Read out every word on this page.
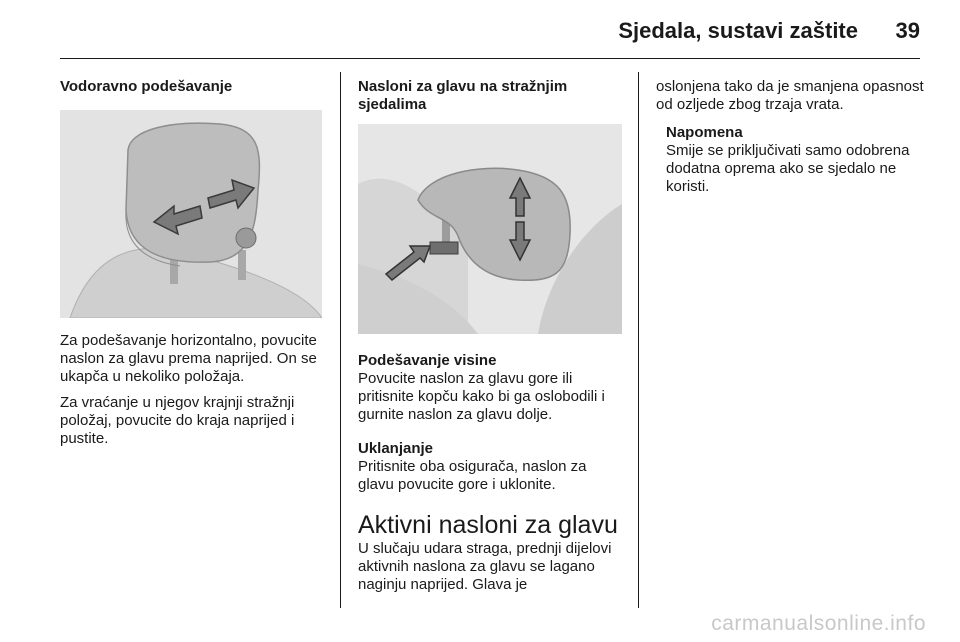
Sjedala, sustavi zaštite	39
Vodoravno podešavanje

Za podešavanje horizontalno, povucite naslon za glavu prema naprijed. On se ukapča u nekoliko položaja.

Za vraćanje u njegov krajnji stražnji položaj, povucite do kraja naprijed i pustite.

Nasloni za glavu na stražnjim sjedalima
Podešavanje visine

Povucite naslon za glavu gore ili pritisnite kopču kako bi ga oslobodili i gurnite naslon za glavu dolje.

Uklanjanje

Pritisnite oba osigurača, naslon za glavu povucite gore i uklonite.

Aktivni nasloni za glavu

U slučaju udara straga, prednji dijelovi aktivnih naslona za glavu se lagano naginju naprijed. Glava je

oslonjena tako da je smanjena opasnost od ozljede zbog trzaja vrata.

Napomena

Smije se priključivati samo odobrena dodatna oprema ako se sjedalo ne koristi.

carmanualsonline.info
